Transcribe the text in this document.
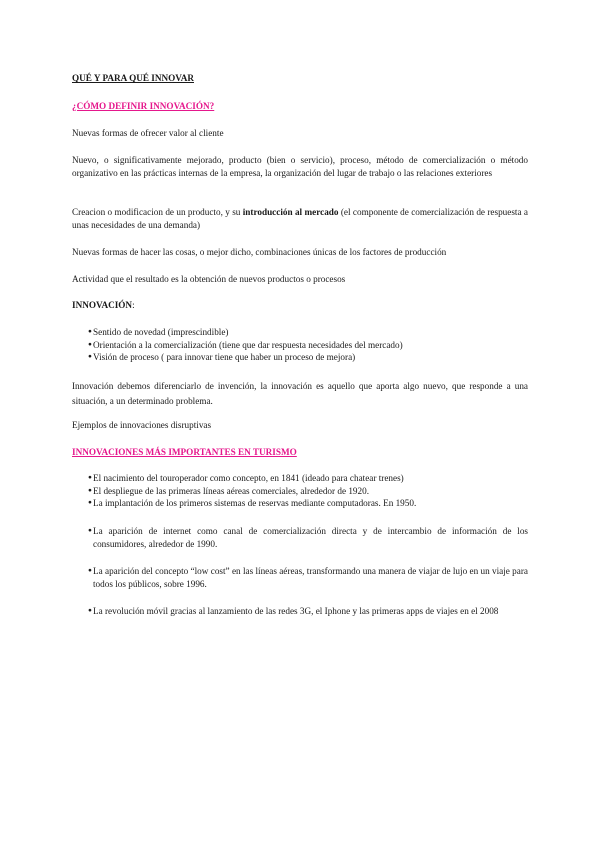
QUÉ Y PARA QUÉ INNOVAR
¿CÓMO DEFINIR INNOVACIÓN?

Nuevas formas de ofrecer valor al cliente

Nuevo, o significativamente mejorado, producto (bien o servicio), proceso, método de comercialización o método organizativo en las prácticas internas de la empresa, la organización del lugar de trabajo o las relaciones exteriores

Creacion o modificacion de un producto, y su introducción al mercado (el componente de comercialización de respuesta a unas necesidades de una demanda)

Nuevas formas de hacer las cosas, o mejor dicho, combinaciones únicas de los factores de producción

Actividad que el resultado es la obtención de nuevos productos o procesos

INNOVACIÓN:
● Sentido de novedad (imprescindible)
● Orientación a la comercialización (tiene que dar respuesta necesidades del mercado)
● Visión de proceso ( para innovar tiene que haber un proceso de mejora)

Innovación debemos diferenciarlo de invención, la innovación es aquello que aporta algo nuevo, que responde a una situación, a un determinado problema.

Ejemplos de innovaciones disruptivas

INNOVACIONES MÁS IMPORTANTES EN TURISMO
● El nacimiento del touroperador como concepto, en 1841 (ideado para chatear trenes)
● El despliegue de las primeras líneas aéreas comerciales, alrededor de 1920.
● La implantación de los primeros sistemas de reservas mediante computadoras. En 1950.
● La aparición de internet como canal de comercialización directa y de intercambio de información de los consumidores, alrededor de 1990.
● La aparición del concepto “low cost” en las líneas aéreas, transformando una manera de viajar de lujo en un viaje para todos los públicos, sobre 1996.
● La revolución móvil gracias al lanzamiento de las redes 3G, el Iphone y las primeras apps de viajes en el 2008
